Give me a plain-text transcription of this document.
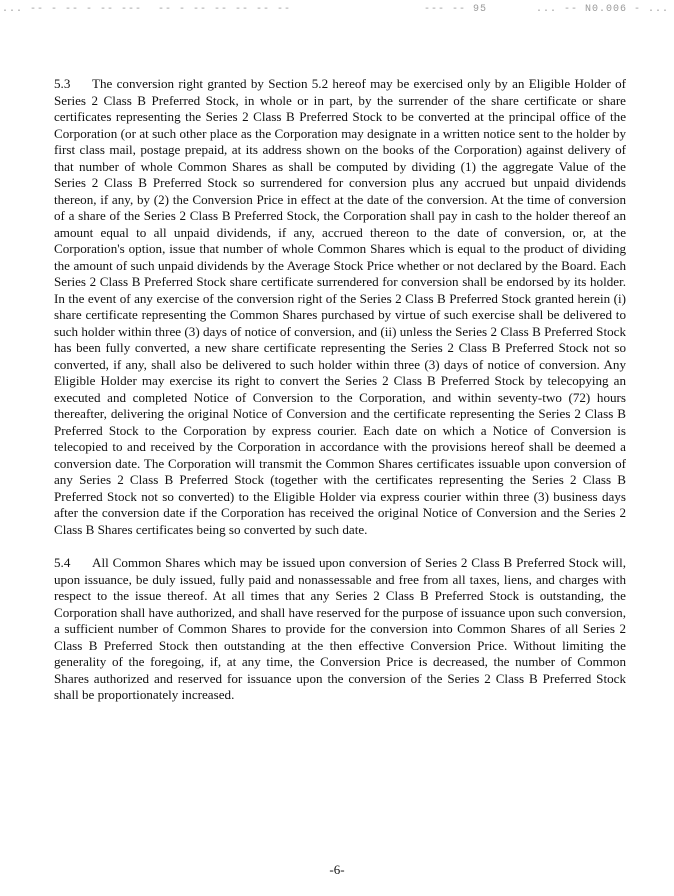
... -- - -- - -- --- -- - -- -- -- -- --	--- -- 95	... -- N0.006 - ...

5.3 The conversion right granted by Section 5.2 hereof may be exercised only by an Eligible Holder of Series 2 Class B Preferred Stock, in whole or in part, by the surrender of the share certificate or share certificates representing the Series 2 Class B Preferred Stock to be converted at the principal office of the Corporation (or at such other place as the Corporation may designate in a written notice sent to the holder by first class mail, postage prepaid, at its address shown on the books of the Corporation) against delivery of that number of whole Common Shares as shall be computed by dividing (1) the aggregate Value of the Series 2 Class B Preferred Stock so surrendered for conversion plus any accrued but unpaid dividends thereon, if any, by (2) the Conversion Price in effect at the date of the conversion. At the time of conversion of a share of the Series 2 Class B Preferred Stock, the Corporation shall pay in cash to the holder thereof an amount equal to all unpaid dividends, if any, accrued thereon to the date of conversion, or, at the Corporation's option, issue that number of whole Common Shares which is equal to the product of dividing the amount of such unpaid dividends by the Average Stock Price whether or not declared by the Board. Each Series 2 Class B Preferred Stock share certificate surrendered for conversion shall be endorsed by its holder. In the event of any exercise of the conversion right of the Series 2 Class B Preferred Stock granted herein (i) share certificate representing the Common Shares purchased by virtue of such exercise shall be delivered to such holder within three (3) days of notice of conversion, and (ii) unless the Series 2 Class B Preferred Stock has been fully converted, a new share certificate representing the Series 2 Class B Preferred Stock not so converted, if any, shall also be delivered to such holder within three (3) days of notice of conversion. Any Eligible Holder may exercise its right to convert the Series 2 Class B Preferred Stock by telecopying an executed and completed Notice of Conversion to the Corporation, and within seventy-two (72) hours thereafter, delivering the original Notice of Conversion and the certificate representing the Series 2 Class B Preferred Stock to the Corporation by express courier. Each date on which a Notice of Conversion is telecopied to and received by the Corporation in accordance with the provisions hereof shall be deemed a conversion date. The Corporation will transmit the Common Shares certificates issuable upon conversion of any Series 2 Class B Preferred Stock (together with the certificates representing the Series 2 Class B Preferred Stock not so converted) to the Eligible Holder via express courier within three (3) business days after the conversion date if the Corporation has received the original Notice of Conversion and the Series 2 Class B Shares certificates being so converted by such date.

5.4 All Common Shares which may be issued upon conversion of Series 2 Class B Preferred Stock will, upon issuance, be duly issued, fully paid and nonassessable and free from all taxes, liens, and charges with respect to the issue thereof. At all times that any Series 2 Class B Preferred Stock is outstanding, the Corporation shall have authorized, and shall have reserved for the purpose of issuance upon such conversion, a sufficient number of Common Shares to provide for the conversion into Common Shares of all Series 2 Class B Preferred Stock then outstanding at the then effective Conversion Price. Without limiting the generality of the foregoing, if, at any time, the Conversion Price is decreased, the number of Common Shares authorized and reserved for issuance upon the conversion of the Series 2 Class B Preferred Stock shall be proportionately increased.

-6-
